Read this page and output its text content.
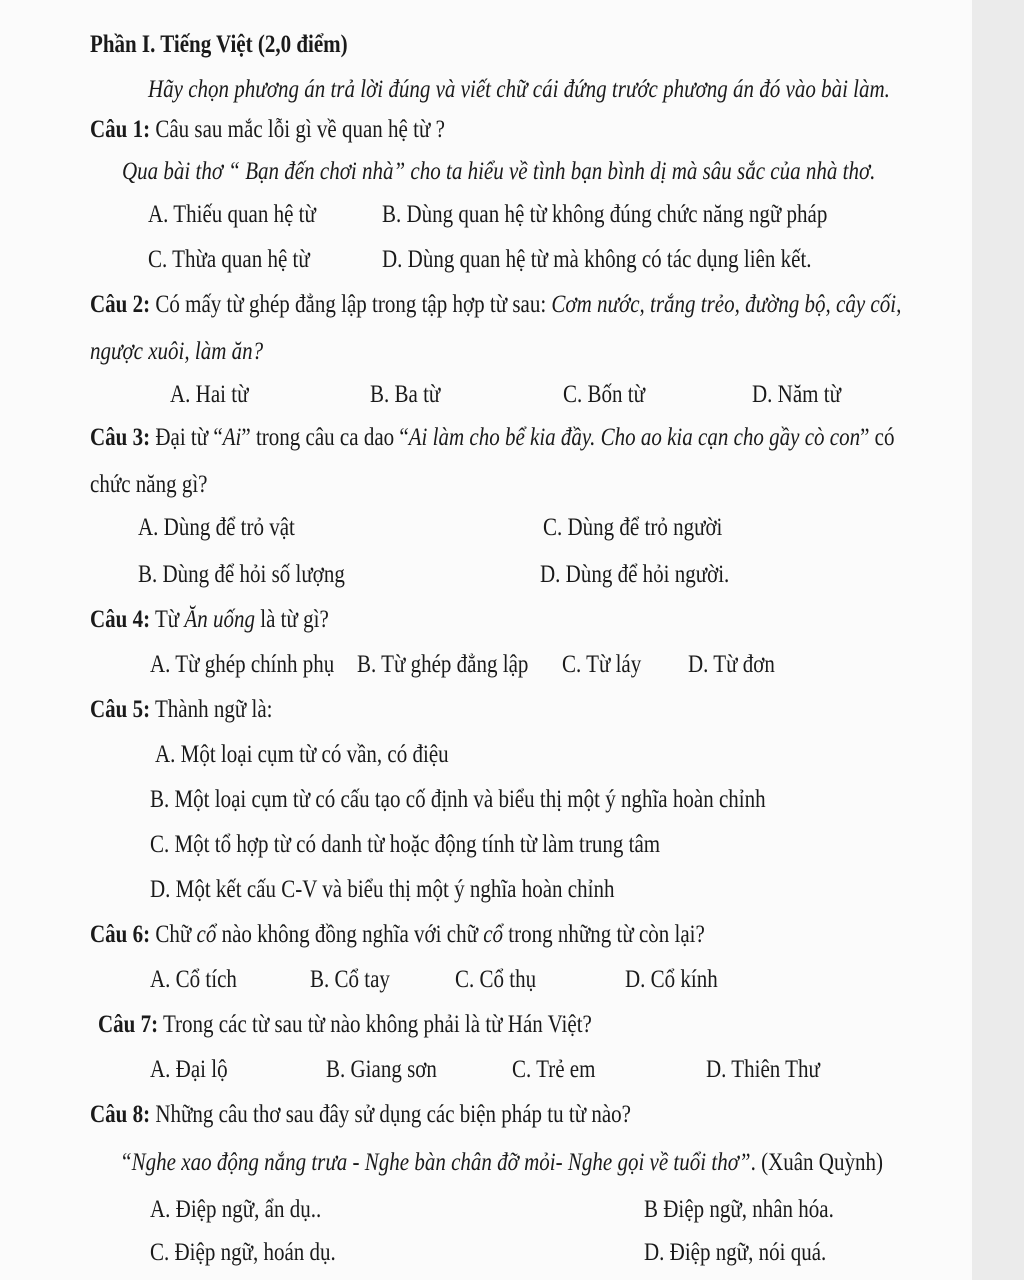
Phần I. Tiếng Việt (2,0 điểm)
Hãy chọn phương án trả lời đúng và viết chữ cái đứng trước phương án đó vào bài làm.
Câu 1: Câu sau mắc lỗi gì về quan hệ từ ?
Qua bài thơ “ Bạn đến chơi nhà” cho ta hiểu về tình bạn bình dị mà sâu sắc của nhà thơ.
A. Thiếu quan hệ từ	B. Dùng quan hệ từ không đúng chức năng ngữ pháp
C. Thừa quan hệ từ	D. Dùng quan hệ từ mà không có tác dụng liên kết.
Câu 2: Có mấy từ ghép đẳng lập trong tập hợp từ sau: Cơm nước, trắng trẻo, đường bộ, cây cối,
ngược xuôi, làm ăn?
A. Hai từ	B. Ba từ	C. Bốn từ	D. Năm từ
Câu 3: Đại từ “Ai” trong câu ca dao “Ai làm cho bể kia đầy. Cho ao kia cạn cho gầy cò con” có
chức năng gì?
A. Dùng để trỏ vật	C. Dùng để trỏ người
B. Dùng để hỏi số lượng	D. Dùng để hỏi người.
Câu 4: Từ Ăn uống là từ gì?
A. Từ ghép chính phụ B. Từ ghép đẳng lập C. Từ láy D. Từ đơn
Câu 5: Thành ngữ là:
A. Một loại cụm từ có vần, có điệu
B. Một loại cụm từ có cấu tạo cố định và biểu thị một ý nghĩa hoàn chỉnh
C. Một tổ hợp từ có danh từ hoặc động tính từ làm trung tâm
D. Một kết cấu C-V và biểu thị một ý nghĩa hoàn chỉnh
Câu 6: Chữ cổ nào không đồng nghĩa với chữ cổ trong những từ còn lại?
A. Cổ tích	B. Cổ tay	C. Cổ thụ	D. Cổ kính
Câu 7: Trong các từ sau từ nào không phải là từ Hán Việt?
A. Đại lộ	B. Giang sơn	C. Trẻ em	D. Thiên Thư
Câu 8: Những câu thơ sau đây sử dụng các biện pháp tu từ nào?
“Nghe xao động nắng trưa - Nghe bàn chân đỡ mỏi- Nghe gọi về tuổi thơ”. (Xuân Quỳnh)
A. Điệp ngữ, ẩn dụ..	B Điệp ngữ, nhân hóa.
C. Điệp ngữ, hoán dụ.	D. Điệp ngữ, nói quá.
